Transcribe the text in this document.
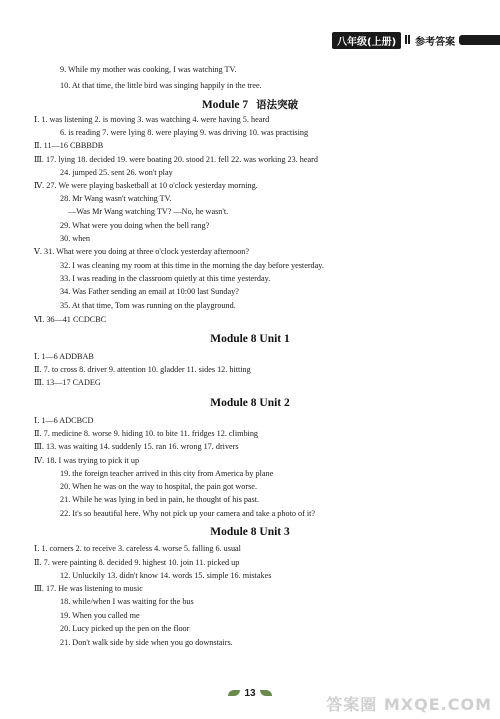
八年级(上册)	参考答案
9. While my mother was cooking, I was watching TV.
10. At that time, the little bird was singing happily in the tree.
Module 7 语法突破
Ⅰ. 1. was listening 2. is moving 3. was watching 4. were having 5. heard
6. is reading 7. were lying 8. were playing 9. was driving 10. was practising
Ⅱ. 11—16 CBBBDB
Ⅲ. 17. lying 18. decided 19. were boating 20. stood 21. fell 22. was working 23. heard
24. jumped 25. sent 26. won't play
Ⅳ. 27. We were playing basketball at 10 o'clock yesterday morning.
28. Mr Wang wasn't watching TV.
—Was Mr Wang watching TV? —No, he wasn't.
29. What were you doing when the bell rang?
30. when
Ⅴ. 31. What were you doing at three o'clock yesterday afternoon?
32. I was cleaning my room at this time in the morning the day before yesterday.
33. I was reading in the classroom quietly at this time yesterday.
34. Was Father sending an email at 10:00 last Sunday?
35. At that time, Tom was running on the playground.
Ⅵ. 36—41 CCDCBC
Module 8 Unit 1
Ⅰ. 1—6 ADDBAB
Ⅱ. 7. to cross 8. driver 9. attention 10. gladder 11. sides 12. hitting
Ⅲ. 13—17 CADEG
Module 8 Unit 2
Ⅰ. 1—6 ADCBCD
Ⅱ. 7. medicine 8. worse 9. hiding 10. to bite 11. fridges 12. climbing
Ⅲ. 13. was waiting 14. suddenly 15. ran 16. wrong 17. drivers
Ⅳ. 18. I was trying to pick it up
19. the foreign teacher arrived in this city from America by plane
20. When he was on the way to hospital, the pain got worse.
21. While he was lying in bed in pain, he thought of his past.
22. It's so beautiful here. Why not pick up your camera and take a photo of it?
Module 8 Unit 3
Ⅰ. 1. corners 2. to receive 3. careless 4. worse 5. falling 6. usual
Ⅱ. 7. were painting 8. decided 9. highest 10. join 11. picked up
12. Unluckily 13. didn't know 14. words 15. simple 16. mistakes
Ⅲ. 17. He was listening to music
18. while/when I was waiting for the bus
19. When you called me
20. Lucy picked up the pen on the floor
21. Don't walk side by side when you go downstairs.
13
答案圈 MXQE.COM
